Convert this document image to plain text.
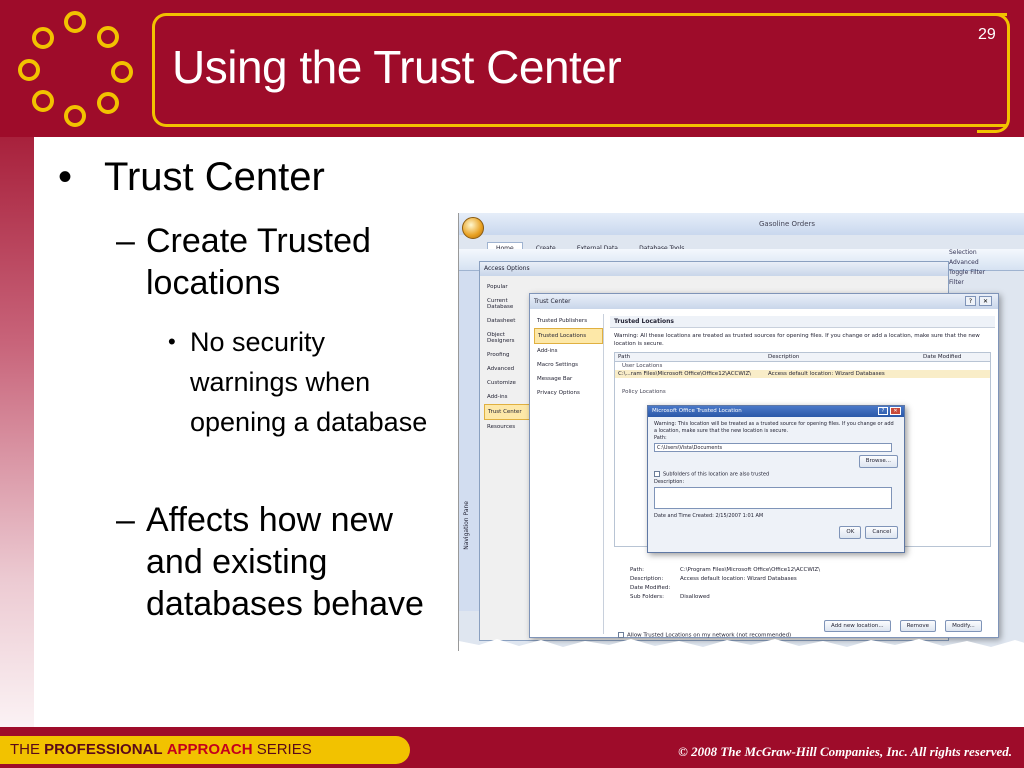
Using the Trust Center
29
• Trust Center
– Create Trusted locations
• No security warnings when opening a database
– Affects how new and existing databases behave
Gasoline Orders

Selection
Advanced
Toggle Filter
Filter
Navigation Pane
Access Options
Popular
Current Database
Datasheet
Object Designers
Proofing
Advanced
Customize
Add-ins
Trust Center
Resources
Trust Center	?	✕
Trusted Publishers
Trusted Locations
Add-ins
Macro Settings
Message Bar
Privacy Options
Trusted Locations
Warning: All these locations are treated as trusted sources for opening files. If you change or add a location, make sure that the new location is secure.
Path	Description	Date Modified
User Locations
C:\...ram Files\Microsoft Office\Office12\ACCWIZ\	Access default location: Wizard Databases
Policy Locations
Path:	C:\Program Files\Microsoft Office\Office12\ACCWIZ\
Description:	Access default location: Wizard Databases
Date Modified:
Sub Folders:	Disallowed
Add new location...	Remove	Modify...
Allow Trusted Locations on my network (not recommended)
Microsoft Office Trusted Location	?	✕
Warning: This location will be treated as a trusted source for opening files. If you change or add a location, make sure that the new location is secure.
Path:
C:\Users\Vista\Documents
Browse...
Subfolders of this location are also trusted
Description:
Date and Time Created: 2/15/2007 1:01 AM
OK	Cancel
THE PROFESSIONAL APPROACH SERIES	© 2008 The McGraw-Hill Companies, Inc. All rights reserved.
